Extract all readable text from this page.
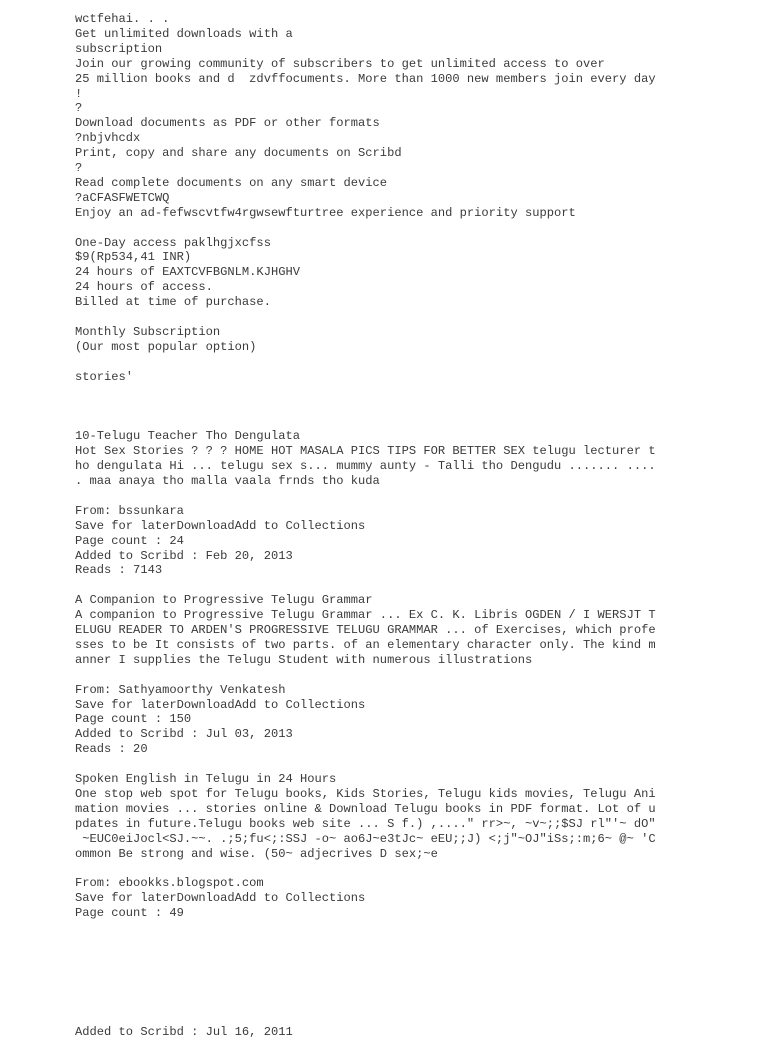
wctfehai. . .
Get unlimited downloads with a
subscription
Join our growing community of subscribers to get unlimited access to over
25 million books and d  zdvffocuments. More than 1000 new members join every day
!
?
Download documents as PDF or other formats
?nbjvhcdx
Print, copy and share any documents on Scribd
?
Read complete documents on any smart device
?aCFASFWETCWQ
Enjoy an ad-fefwscvtfw4rgwsewfturtree experience and priority support
One-Day access paklhgjxcfss
$9(Rp534,41 INR)
24 hours of EAXTCVFBGNLM.KJHGHV
24 hours of access.
Billed at time of purchase.
Monthly Subscription
(Our most popular option)
stories'
10-Telugu Teacher Tho Dengulata
Hot Sex Stories ? ? ? HOME HOT MASALA PICS TIPS FOR BETTER SEX telugu lecturer t
ho dengulata Hi ... telugu sex s... mummy aunty - Talli tho Dengudu ....... ....
. maa anaya tho malla vaala frnds tho kuda
From: bssunkara
Save for laterDownloadAdd to Collections
Page count : 24
Added to Scribd : Feb 20, 2013
Reads : 7143
A Companion to Progressive Telugu Grammar
A companion to Progressive Telugu Grammar ... Ex C. K. Libris OGDEN / I WERSJT T
ELUGU READER TO ARDEN'S PROGRESSIVE TELUGU GRAMMAR ... of Exercises, which profe
sses to be It consists of two parts. of an elementary character only. The kind m
anner I supplies the Telugu Student with numerous illustrations
From: Sathyamoorthy Venkatesh
Save for laterDownloadAdd to Collections
Page count : 150
Added to Scribd : Jul 03, 2013
Reads : 20
Spoken English in Telugu in 24 Hours
One stop web spot for Telugu books, Kids Stories, Telugu kids movies, Telugu Ani
mation movies ... stories online & Download Telugu books in PDF format. Lot of u
pdates in future.Telugu books web site ... S f.) ,...." rr>~, ~v~;;$SJ rl"'~ dO"
~EUC0eiJocl<SJ.~~. .;5;fu<;:SSJ -o~ ao6J~e3tJc~ eEU;;J) <;j"~OJ"iSs;:m;6~ @~ 'C
ommon Be strong and wise. (50~ adjecrives D sex;~e
From: ebookks.blogspot.com
Save for laterDownloadAdd to Collections
Page count : 49
Added to Scribd : Jul 16, 2011
